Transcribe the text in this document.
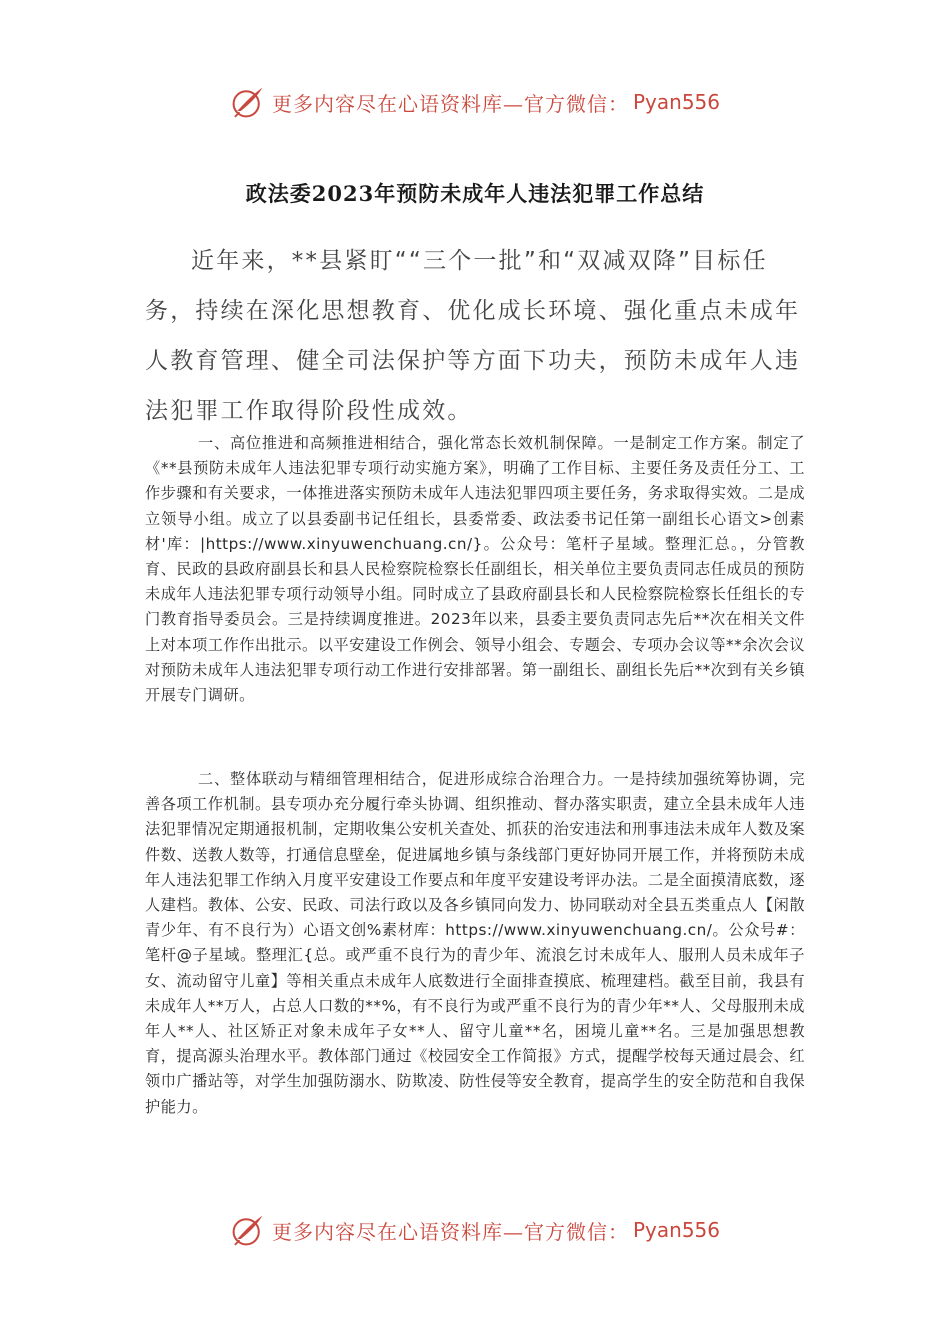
更多内容尽在心语资料库—官方微信： Pyan556
政法委2023年预防未成年人违法犯罪工作总结

近年来，**县紧盯““三个一批”和“双减双降”目标任务，持续在深化思想教育、优化成长环境、强化重点未成年人教育管理、健全司法保护等方面下功夫，预防未成年人违法犯罪工作取得阶段性成效。

一、高位推进和高频推进相结合，强化常态长效机制保障。一是制定工作方案。制定了《**县预防未成年人违法犯罪专项行动实施方案》，明确了工作目标、主要任务及责任分工、工作步骤和有关要求，一体推进落实预防未成年人违法犯罪四项主要任务，务求取得实效。二是成立领导小组。成立了以县委副书记任组长，县委常委、政法委书记任第一副组长心语文>创素材'库：|https://www.xinyuwenchuang.cn/}。公众号：笔杆子星域。整理汇总。，分管教育、民政的县政府副县长和县人民检察院检察长任副组长，相关单位主要负责同志任成员的预防未成年人违法犯罪专项行动领导小组。同时成立了县政府副县长和人民检察院检察长任组长的专门教育指导委员会。三是持续调度推进。2023年以来，县委主要负责同志先后**次在相关文件上对本项工作作出批示。以平安建设工作例会、领导小组会、专题会、专项办会议等**余次会议对预防未成年人违法犯罪专项行动工作进行安排部署。第一副组长、副组长先后**次到有关乡镇开展专门调研。

二、整体联动与精细管理相结合，促进形成综合治理合力。一是持续加强统筹协调，完善各项工作机制。县专项办充分履行牵头协调、组织推动、督办落实职责，建立全县未成年人违法犯罪情况定期通报机制，定期收集公安机关查处、抓获的治安违法和刑事违法未成年人数及案件数、送教人数等，打通信息壁垒，促进属地乡镇与条线部门更好协同开展工作，并将预防未成年人违法犯罪工作纳入月度平安建设工作要点和年度平安建设考评办法。二是全面摸清底数，逐人建档。教体、公安、民政、司法行政以及各乡镇同向发力、协同联动对全县五类重点人【闲散青少年、有不良行为）心语文创%素材库：https://www.xinyuwenchuang.cn/。公众号#：笔杆@子星域。整理汇{总。或严重不良行为的青少年、流浪乞讨未成年人、服刑人员未成年子女、流动留守儿童】等相关重点未成年人底数进行全面排查摸底、梳理建档。截至目前，我县有未成年人**万人，占总人口数的**%，有不良行为或严重不良行为的青少年**人、父母服刑未成年人**人、社区矫正对象未成年子女**人、留守儿童**名，困境儿童**名。三是加强思想教育，提高源头治理水平。教体部门通过《校园安全工作简报》方式，提醒学校每天通过晨会、红领巾广播站等，对学生加强防溺水、防欺凌、防性侵等安全教育，提高学生的安全防范和自我保护能力。

更多内容尽在心语资料库—官方微信： Pyan556
